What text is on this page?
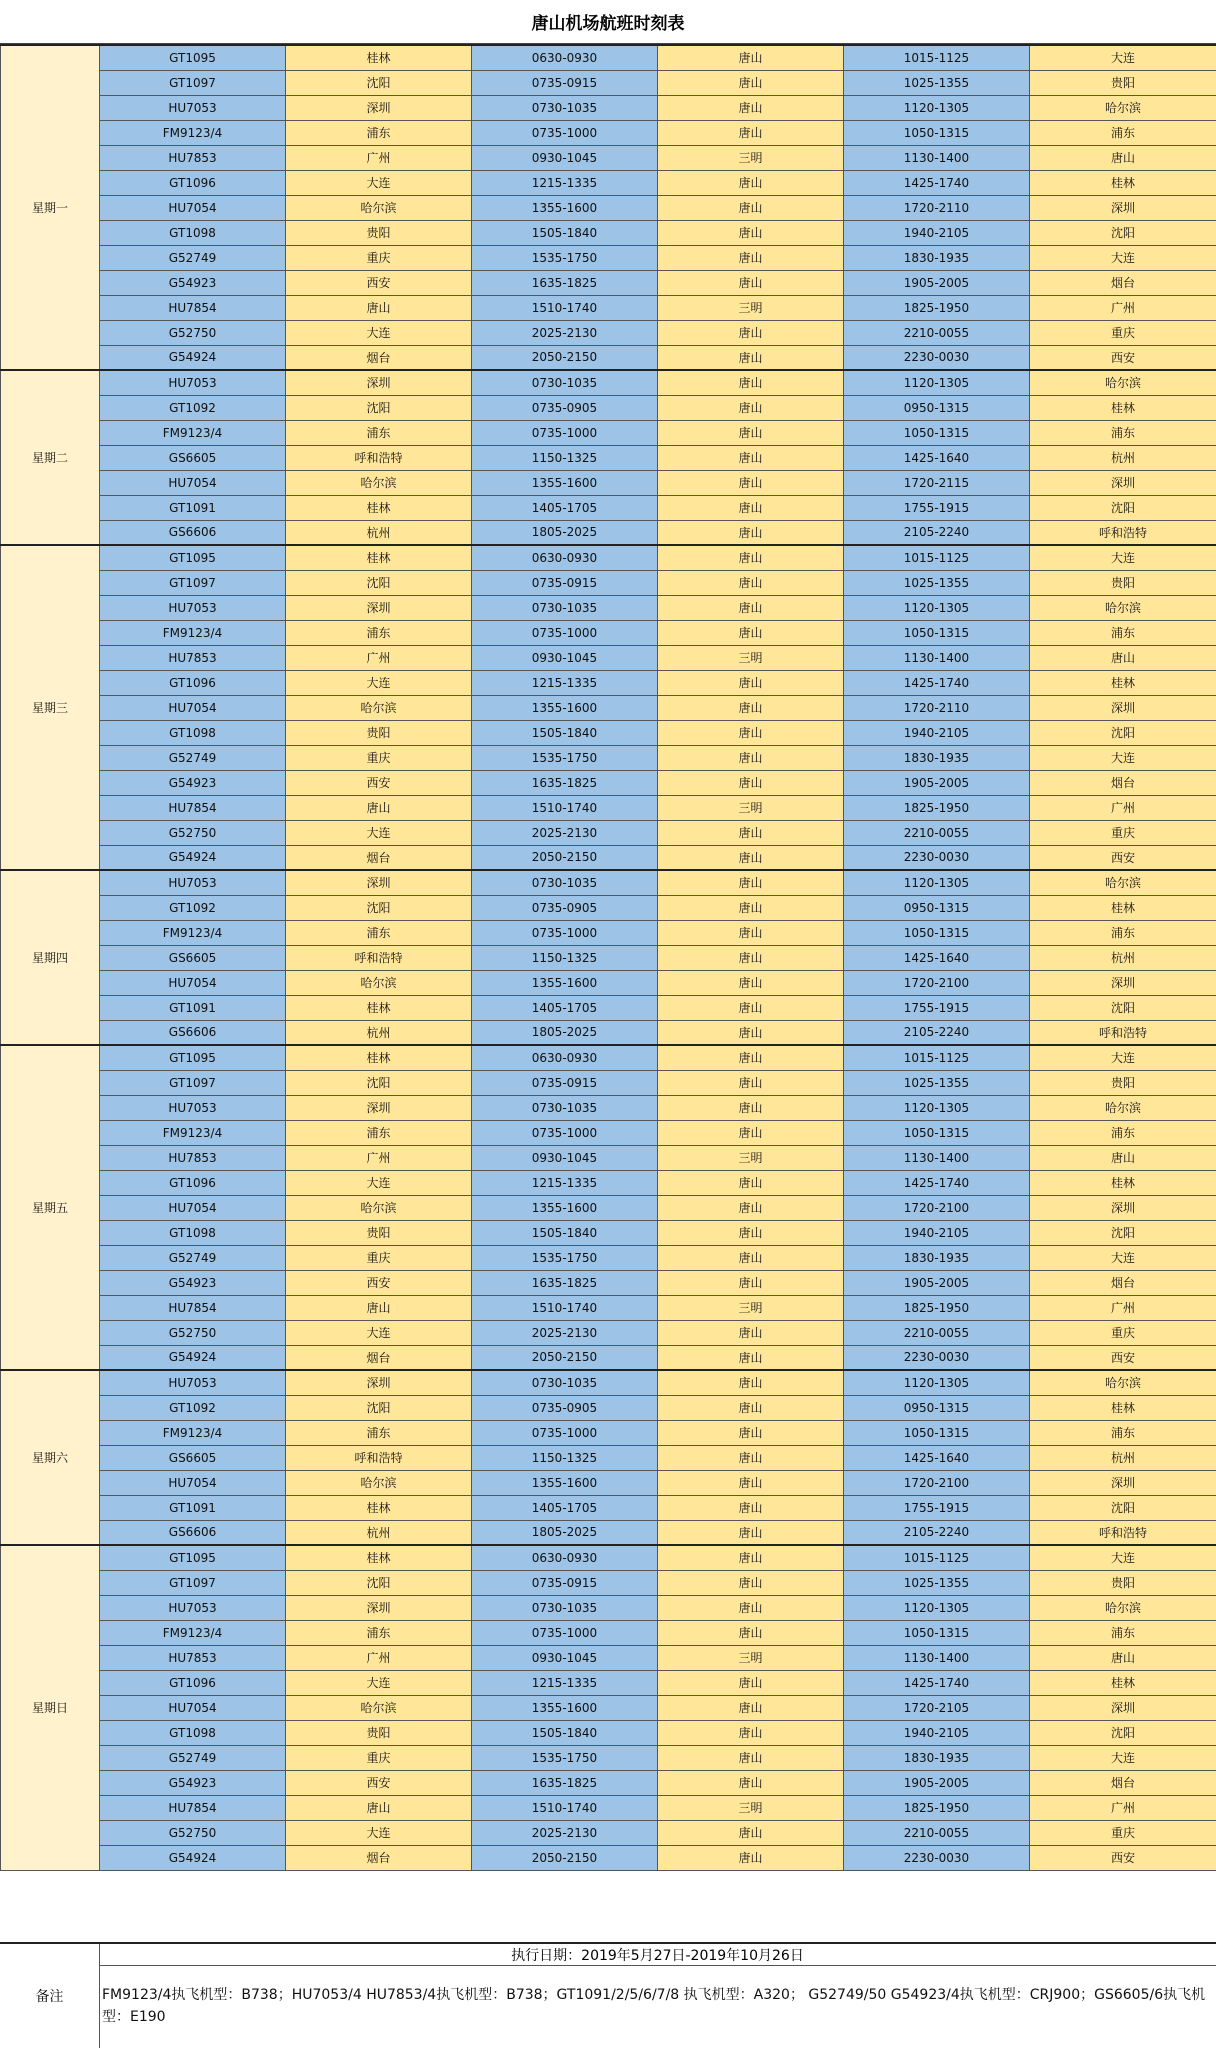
唐山机场航班时刻表
星期一	GT1095	桂林	0630-0930	唐山	1015-1125	大连
	GT1097	沈阳	0735-0915	唐山	1025-1355	贵阳
	HU7053	深圳	0730-1035	唐山	1120-1305	哈尔滨
	FM9123/4	浦东	0735-1000	唐山	1050-1315	浦东
	HU7853	广州	0930-1045	三明	1130-1400	唐山
	GT1096	大连	1215-1335	唐山	1425-1740	桂林
	HU7054	哈尔滨	1355-1600	唐山	1720-2110	深圳
	GT1098	贵阳	1505-1840	唐山	1940-2105	沈阳
	G52749	重庆	1535-1750	唐山	1830-1935	大连
	G54923	西安	1635-1825	唐山	1905-2005	烟台
	HU7854	唐山	1510-1740	三明	1825-1950	广州
	G52750	大连	2025-2130	唐山	2210-0055	重庆
	G54924	烟台	2050-2150	唐山	2230-0030	西安
星期二	HU7053	深圳	0730-1035	唐山	1120-1305	哈尔滨
	GT1092	沈阳	0735-0905	唐山	0950-1315	桂林
	FM9123/4	浦东	0735-1000	唐山	1050-1315	浦东
	GS6605	呼和浩特	1150-1325	唐山	1425-1640	杭州
	HU7054	哈尔滨	1355-1600	唐山	1720-2115	深圳
	GT1091	桂林	1405-1705	唐山	1755-1915	沈阳
	GS6606	杭州	1805-2025	唐山	2105-2240	呼和浩特
星期三	GT1095	桂林	0630-0930	唐山	1015-1125	大连
	GT1097	沈阳	0735-0915	唐山	1025-1355	贵阳
	HU7053	深圳	0730-1035	唐山	1120-1305	哈尔滨
	FM9123/4	浦东	0735-1000	唐山	1050-1315	浦东
	HU7853	广州	0930-1045	三明	1130-1400	唐山
	GT1096	大连	1215-1335	唐山	1425-1740	桂林
	HU7054	哈尔滨	1355-1600	唐山	1720-2110	深圳
	GT1098	贵阳	1505-1840	唐山	1940-2105	沈阳
	G52749	重庆	1535-1750	唐山	1830-1935	大连
	G54923	西安	1635-1825	唐山	1905-2005	烟台
	HU7854	唐山	1510-1740	三明	1825-1950	广州
	G52750	大连	2025-2130	唐山	2210-0055	重庆
	G54924	烟台	2050-2150	唐山	2230-0030	西安
星期四	HU7053	深圳	0730-1035	唐山	1120-1305	哈尔滨
	GT1092	沈阳	0735-0905	唐山	0950-1315	桂林
	FM9123/4	浦东	0735-1000	唐山	1050-1315	浦东
	GS6605	呼和浩特	1150-1325	唐山	1425-1640	杭州
	HU7054	哈尔滨	1355-1600	唐山	1720-2100	深圳
	GT1091	桂林	1405-1705	唐山	1755-1915	沈阳
	GS6606	杭州	1805-2025	唐山	2105-2240	呼和浩特
星期五	GT1095	桂林	0630-0930	唐山	1015-1125	大连
	GT1097	沈阳	0735-0915	唐山	1025-1355	贵阳
	HU7053	深圳	0730-1035	唐山	1120-1305	哈尔滨
	FM9123/4	浦东	0735-1000	唐山	1050-1315	浦东
	HU7853	广州	0930-1045	三明	1130-1400	唐山
	GT1096	大连	1215-1335	唐山	1425-1740	桂林
	HU7054	哈尔滨	1355-1600	唐山	1720-2100	深圳
	GT1098	贵阳	1505-1840	唐山	1940-2105	沈阳
	G52749	重庆	1535-1750	唐山	1830-1935	大连
	G54923	西安	1635-1825	唐山	1905-2005	烟台
	HU7854	唐山	1510-1740	三明	1825-1950	广州
	G52750	大连	2025-2130	唐山	2210-0055	重庆
	G54924	烟台	2050-2150	唐山	2230-0030	西安
星期六	HU7053	深圳	0730-1035	唐山	1120-1305	哈尔滨
	GT1092	沈阳	0735-0905	唐山	0950-1315	桂林
	FM9123/4	浦东	0735-1000	唐山	1050-1315	浦东
	GS6605	呼和浩特	1150-1325	唐山	1425-1640	杭州
	HU7054	哈尔滨	1355-1600	唐山	1720-2100	深圳
	GT1091	桂林	1405-1705	唐山	1755-1915	沈阳
	GS6606	杭州	1805-2025	唐山	2105-2240	呼和浩特
星期日	GT1095	桂林	0630-0930	唐山	1015-1125	大连
	GT1097	沈阳	0735-0915	唐山	1025-1355	贵阳
	HU7053	深圳	0730-1035	唐山	1120-1305	哈尔滨
	FM9123/4	浦东	0735-1000	唐山	1050-1315	浦东
	HU7853	广州	0930-1045	三明	1130-1400	唐山
	GT1096	大连	1215-1335	唐山	1425-1740	桂林
	HU7054	哈尔滨	1355-1600	唐山	1720-2105	深圳
	GT1098	贵阳	1505-1840	唐山	1940-2105	沈阳
	G52749	重庆	1535-1750	唐山	1830-1935	大连
	G54923	西安	1635-1825	唐山	1905-2005	烟台
	HU7854	唐山	1510-1740	三明	1825-1950	广州
	G52750	大连	2025-2130	唐山	2210-0055	重庆
	G54924	烟台	2050-2150	唐山	2230-0030	西安
备注
执行日期：2019年5月27日-2019年10月26日
FM9123/4执飞机型：B738；HU7053/4 HU7853/4执飞机型：B738；GT1091/2/5/6/7/8 执飞机型：A320； G52749/50 G54923/4执飞机型：CRJ900；GS6605/6执飞机型：E190
